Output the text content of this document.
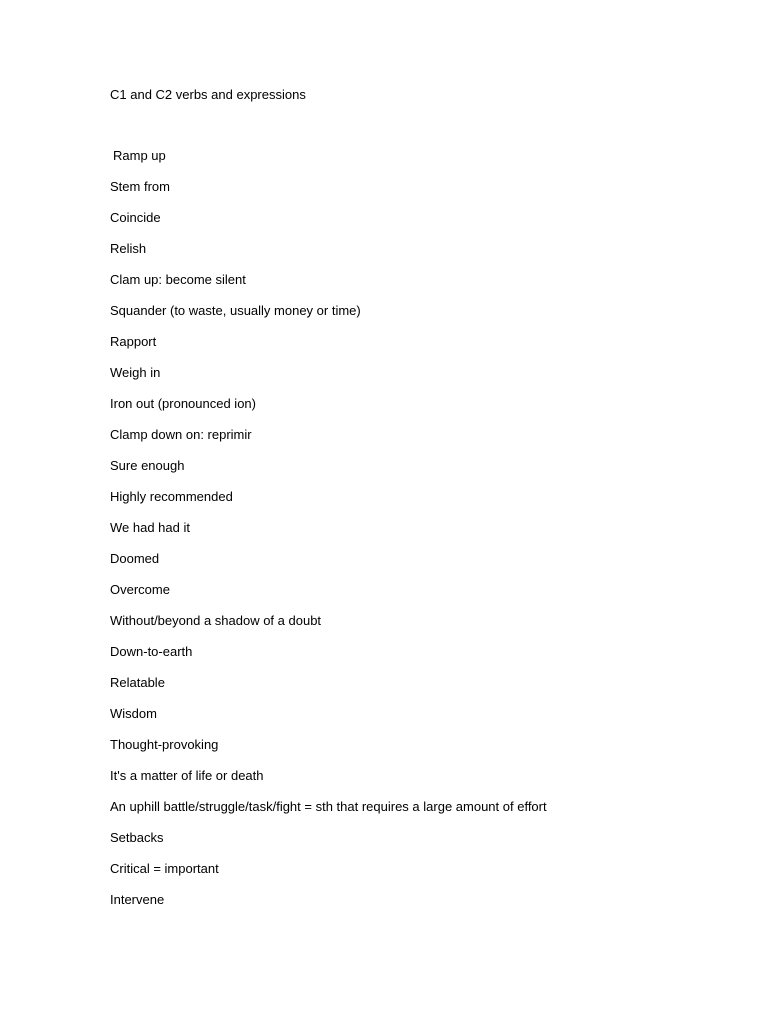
C1 and C2 verbs and expressions
Ramp up
Stem from
Coincide
Relish
Clam up: become silent
Squander (to waste, usually money or time)
Rapport
Weigh in
Iron out (pronounced ion)
Clamp down on: reprimir
Sure enough
Highly recommended
We had had it
Doomed
Overcome
Without/beyond a shadow of a doubt
Down-to-earth
Relatable
Wisdom
Thought-provoking
It's a matter of life or death
An uphill battle/struggle/task/fight = sth that requires a large amount of effort
Setbacks
Critical = important
Intervene
